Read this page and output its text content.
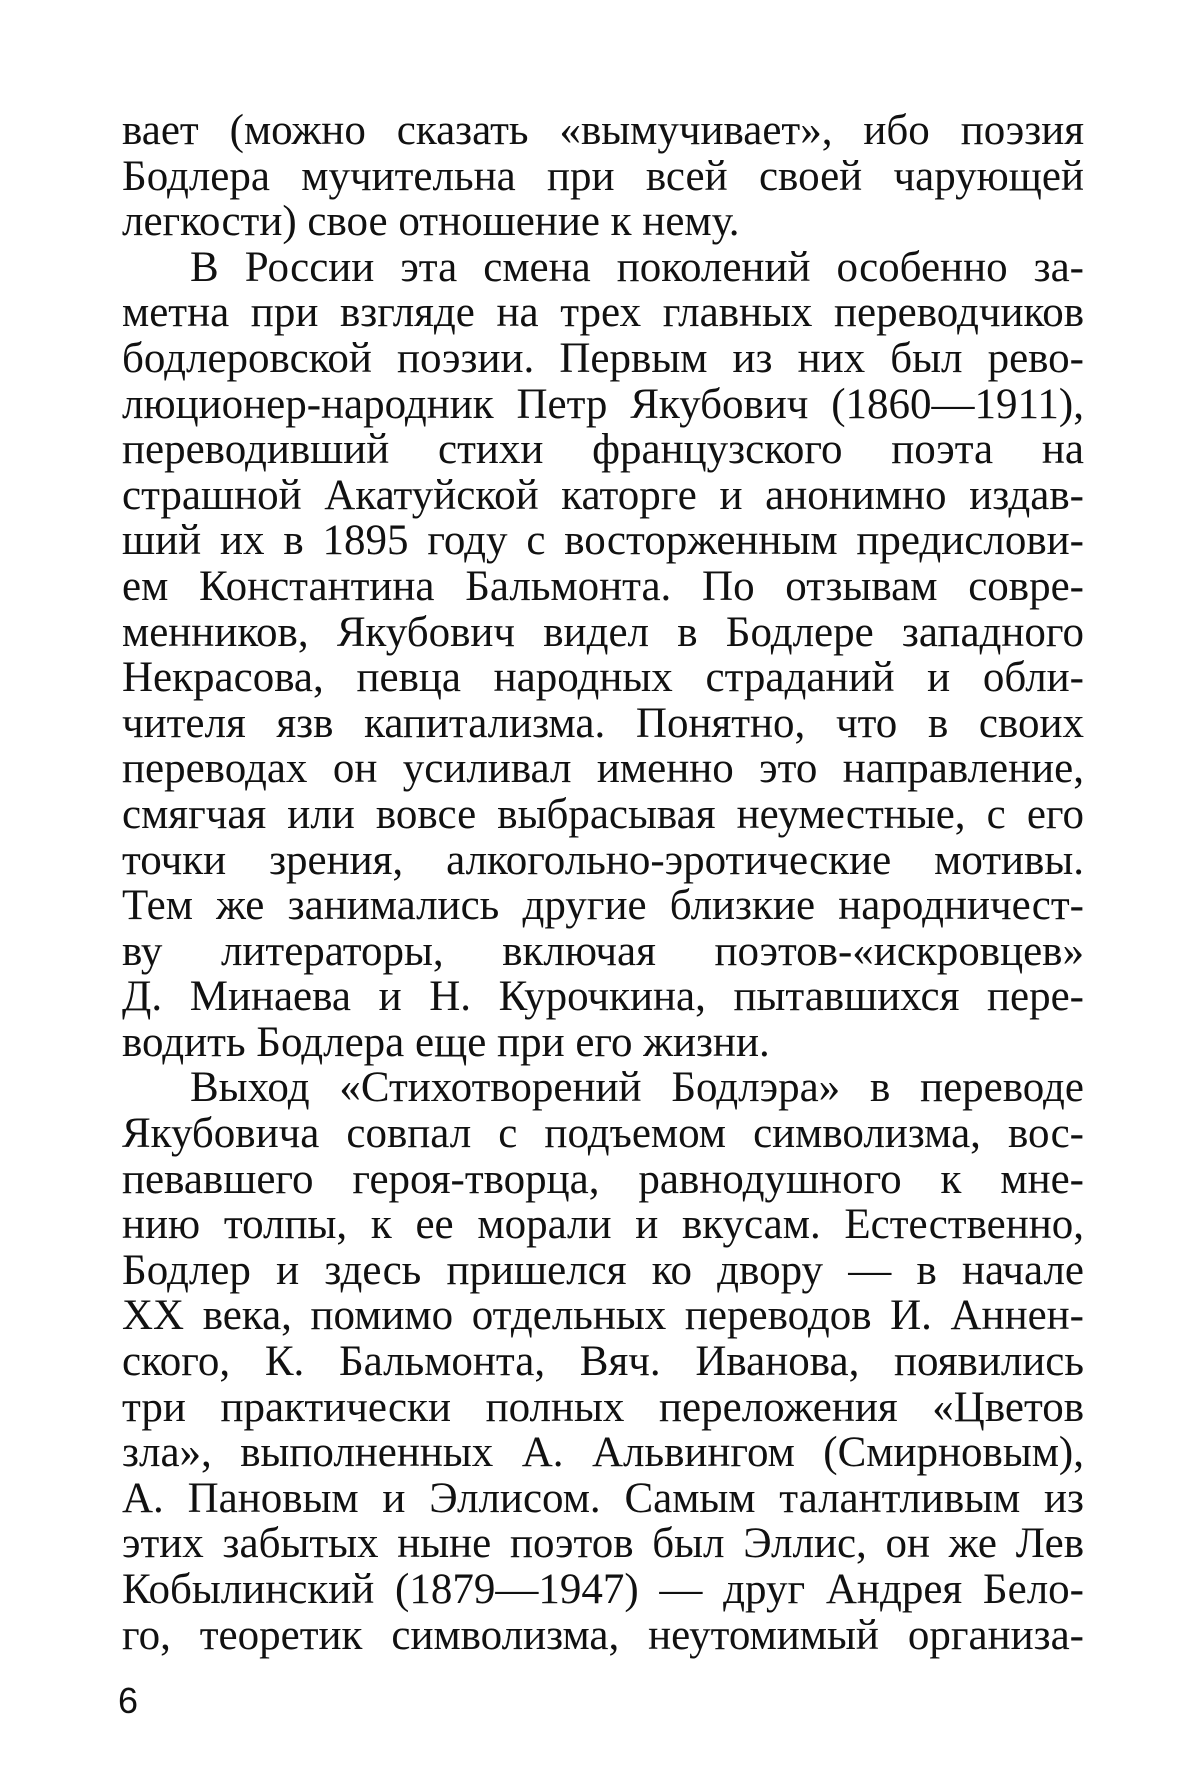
вает (можно сказать «вымучивает», ибо поэзия
Бодлера мучительна при всей своей чарующей
легкости) свое отношение к нему.
В России эта смена поколений особенно за-
метна при взгляде на трех главных переводчиков
бодлеровской поэзии. Первым из них был рево-
люционер-народник Петр Якубович (1860—1911),
переводивший стихи французского поэта на
страшной Акатуйской каторге и анонимно издав-
ший их в 1895 году с восторженным предислови-
ем Константина Бальмонта. По отзывам совре-
менников, Якубович видел в Бодлере западного
Некрасова, певца народных страданий и обли-
чителя язв капитализма. Понятно, что в своих
переводах он усиливал именно это направление,
смягчая или вовсе выбрасывая неуместные, с его
точки зрения, алкогольно-эротические мотивы.
Тем же занимались другие близкие народничест-
ву литераторы, включая поэтов-«искровцев»
Д. Минаева и Н. Курочкина, пытавшихся пере-
водить Бодлера еще при его жизни.
Выход «Стихотворений Бодлэра» в переводе
Якубовича совпал с подъемом символизма, вос-
певавшего героя-творца, равнодушного к мне-
нию толпы, к ее морали и вкусам. Естественно,
Бодлер и здесь пришелся ко двору — в начале
XX века, помимо отдельных переводов И. Аннен-
ского, К. Бальмонта, Вяч. Иванова, появились
три практически полных переложения «Цветов
зла», выполненных А. Альвингом (Смирновым),
А. Пановым и Эллисом. Самым талантливым из
этих забытых ныне поэтов был Эллис, он же Лев
Кобылинский (1879—1947) — друг Андрея Бело-
го, теоретик символизма, неутомимый организа-
6
